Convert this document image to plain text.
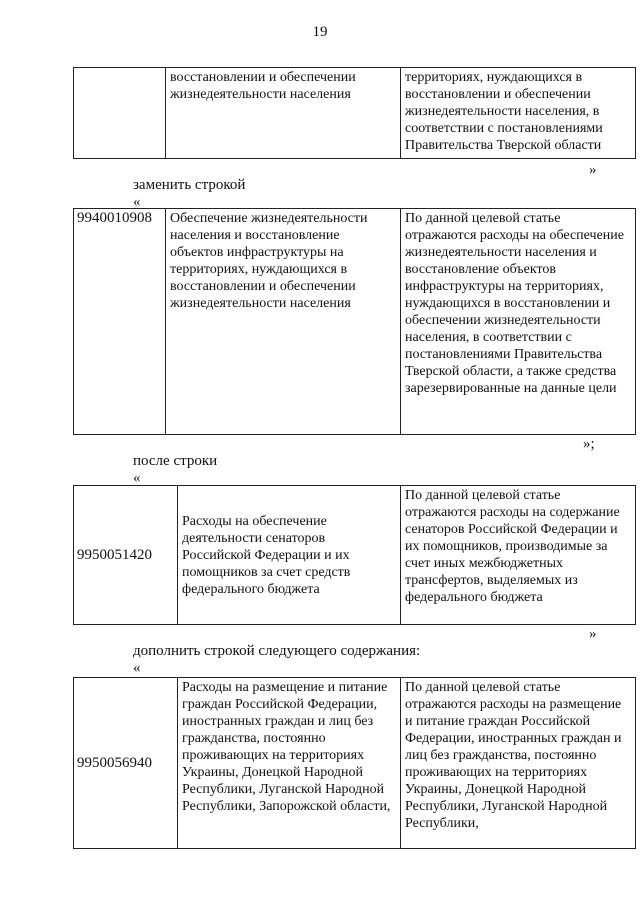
19
	восстановлении и обеспечении жизнедеятельности населения	территориях, нуждающихся в восстановлении и обеспечении жизнедеятельности населения, в соответствии с постановлениями Правительства Тверской области
»
заменить строкой
«
9940010908	Обеспечение жизнедеятельности населения и восстановление объектов инфраструктуры на территориях, нуждающихся в восстановлении и обеспечении жизнедеятельности населения	По данной целевой статье отражаются расходы на обеспечение жизнедеятельности населения и восстановление объектов инфраструктуры на территориях, нуждающихся в восстановлении и обеспечении жизнедеятельности населения, в соответствии с постановлениями Правительства Тверской области, а также средства зарезервированные на данные цели
»;
после строки
«
9950051420	Расходы на обеспечение деятельности сенаторов Российской Федерации и их помощников за счет средств федерального бюджета	По данной целевой статье отражаются расходы на содержание сенаторов Российской Федерации и их помощников, производимые за счет иных межбюджетных трансфертов, выделяемых из федерального бюджета
»
дополнить строкой следующего содержания:
«
9950056940	Расходы на размещение и питание граждан Российской Федерации, иностранных граждан и лиц без гражданства, постоянно проживающих на территориях Украины, Донецкой Народной Республики, Луганской Народной Республики, Запорожской области,	По данной целевой статье отражаются расходы на размещение и питание граждан Российской Федерации, иностранных граждан и лиц без гражданства, постоянно проживающих на территориях Украины, Донецкой Народной Республики, Луганской Народной Республики,
